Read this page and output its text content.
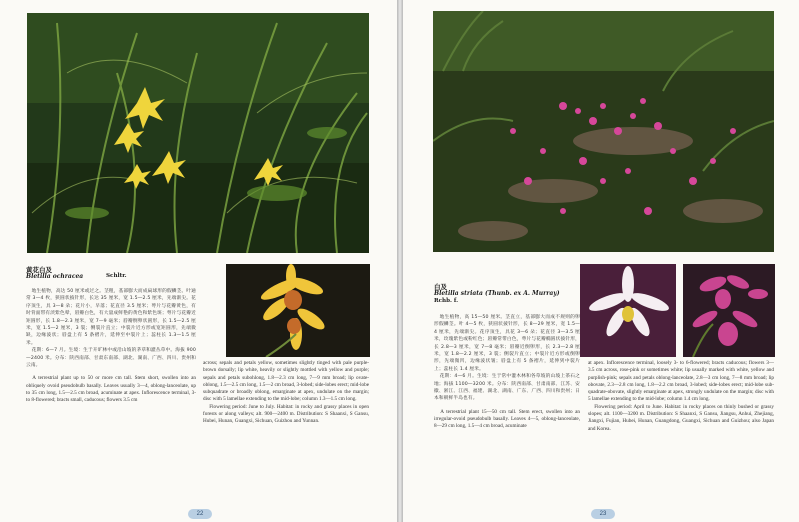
黄花白及
Bletilla ochracea	Schltr.

地生植物，高达 50 厘米或过之。茎粗，基部膨大而成扁球形的假鳞茎。叶通常 3—4 枚，狭圆状披针形，长达 35 厘米，宽 1.5—2.5 厘米，先端渐尖。花序顶生，具 3—8 朵；花片小，早落；花直径 3.5 厘米；萼片与花瓣黄色，有时背面带有淡紫色晕，唇瓣白色，有大量成鲜艳的黄色和紫色斑；萼片与花瓣近矩圆形，长 1.8—2.3 厘米，宽 7—9 毫米；唇瓣倒卵状圆形，长 1.5—2.5 厘米，宽 1.5—2 厘米，3 裂；侧裂片直立；中裂片近方形或宽矩圆形，先端微缺，边缘波状；唇盘上有 5 条褶片，延伸至中裂片上；蕊柱长 1.3—1.5 厘米。

花期：6—7 月。生境：生于开旷林中或沿山坡的茅草和灌丛草中。海拔 900—2400 米。分布：陕西南部、甘肃东南部、湖北、湖南、广西、四川、贵州和云南。

A terrestrial plant up to 50 or more cm tall. Stem short, swollen into an obliquely ovoid pseudobulb basally. Leaves usually 3—4, oblong-lanceolate, up to 35 cm long, 1.5—2.5 cm broad, acuminate at apex. Inflorescence terminal, 3- to 8-flowered; bracts small, caducous; flowers 3.5 cm

across; sepals and petals yellow, sometimes slightly tinged with pale purple-brown dorsally; lip white, heavily or slightly mottled with yellow and purple; sepals and petals subohlong, 1.8—2.3 cm long, 7—9 mm broad; lip ovate-oblong, 1.5—2.5 cm long, 1.5—2 cm broad, 3-lobed; side-lobes erect; mid-lobe subquadrate or broadly oblong, emarginate at apex, undulate on the margin; disc with 5 lamellae extending to the mid-lobe; column 1.3—1.5 cm long.

Flowering period: June to July. Habitat: in rocky and grassy places in open forests or along valleys; alt. 900—2400 m. Distribution: S Shaanxi, S Gansu, Hubei, Hunan, Guangxi, Sichuan, Guizhou and Yunnan.

22
白及
Bletilla striata (Thunb. ex A. Murray)
Rchb. f.

地生植物，高 15—50 厘米。茎直立，基部膨大而成不规则的卵形假鳞茎。叶 4—5 枚，狭圆状披针形，长 8—29 厘米，宽 1.5—4 厘米，先端渐尖。花序顶生，具花 3—6 朵；花直径 3—3.5 厘米，玫瑰紫色或粉红色；唇瓣常带白色，萼片与花瓣椭圆状披针形，长 2.8—3 厘米，宽 7—8 毫米；唇瓣近倒卵形，长 2.3—2.8 厘米，宽 1.8—2.2 厘米，3 裂；侧裂片直立；中裂片近方形或倒卵形，先端微凹，边缘波状皱；唇盘上有 5 条褶片，延伸到中裂片上；蕊柱长 1.4 厘米。

花期：4—6 月。生境：生于常中灌木林和各草坡的山坡上茶石之地；海拔 1100—3200 米。分布：陕西南部、甘肃南部、江苏、安徽、浙江、江西、福建、湖北、湖南、广东、广西、四川和贵州；日本和朝鲜半岛也有。

A terrestrial plant 15—50 cm tall. Stem erect, swollen into an irregular-ovoid pseudobulb basally. Leaves 4—5, oblong-lanceolate, 8—29 cm long, 1.5—4 cm broad, acuminate

at apex. Inflorescence terminal, loosely 3- to 6-flowered; bracts caducous; flowers 3—3.5 cm across, rose-pink or sometimes white; lip usually marked with white, yellow and purplish-pink; sepals and petals oblong-lanceolate, 2.8—3 cm long, 7—8 mm broad; lip obovate, 2.3—2.8 cm long, 1.8—2.2 cm broad, 3-lobed; side-lobes erect; mid-lobe sub-quadrate-obovate, slightly emarginate at apex, strongly undulate on the margin; disc with 5 lamellae extending to the mid-lobe; column 1.4 cm long.

Flowering period: April to June. Habitat: in rocky places on thinly bushed or grassy slopes; alt. 1100—3200 m. Distribution: S Shaanxi, S Gansu, Jiangsu, Anhui, Zhejiang, Jiangxi, Fujian, Hubei, Hunan, Guangdong, Guangxi, Sichuan and Guizhou; also Japan and Korea.

23
